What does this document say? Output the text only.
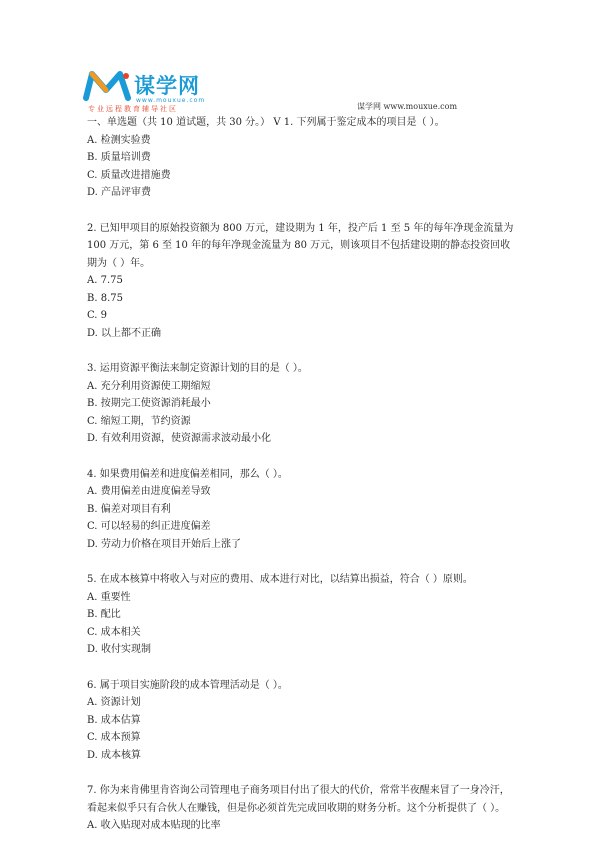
谋学网
www.mouxue.com
专业远程教育辅导社区	谋学网 www.mouxue.com
一、单选题（共 10 道试题，共 30 分。） V 1. 下列属于鉴定成本的项目是（ ）。
A. 检测实验费
B. 质量培训费
C. 质量改进措施费
D. 产品评审费
2. 已知甲项目的原始投资额为 800 万元，建设期为 1 年，投产后 1 至 5 年的每年净现金流量为 100 万元，第 6 至 10 年的每年净现金流量为 80 万元，则该项目不包括建设期的静态投资回收期为（ ）年。
A. 7.75
B. 8.75
C. 9
D. 以上都不正确
3. 运用资源平衡法来制定资源计划的目的是（ ）。
A. 充分利用资源使工期缩短
B. 按期完工使资源消耗最小
C. 缩短工期，节约资源
D. 有效利用资源，使资源需求波动最小化
4. 如果费用偏差和进度偏差相同，那么（ ）。
A. 费用偏差由进度偏差导致
B. 偏差对项目有利
C. 可以轻易的纠正进度偏差
D. 劳动力价格在项目开始后上涨了
5. 在成本核算中将收入与对应的费用、成本进行对比，以结算出损益，符合（ ）原则。
A. 重要性
B. 配比
C. 成本相关
D. 收付实现制
6. 属于项目实施阶段的成本管理活动是（ ）。
A. 资源计划
B. 成本估算
C. 成本预算
D. 成本核算
7. 你为来肯佛里肯咨询公司管理电子商务项目付出了很大的代价，常常半夜醒来冒了一身冷汗，看起来似乎只有合伙人在赚钱，但是你必须首先完成回收期的财务分析。这个分析提供了（ ）。
A. 收入贴现对成本贴现的比率
